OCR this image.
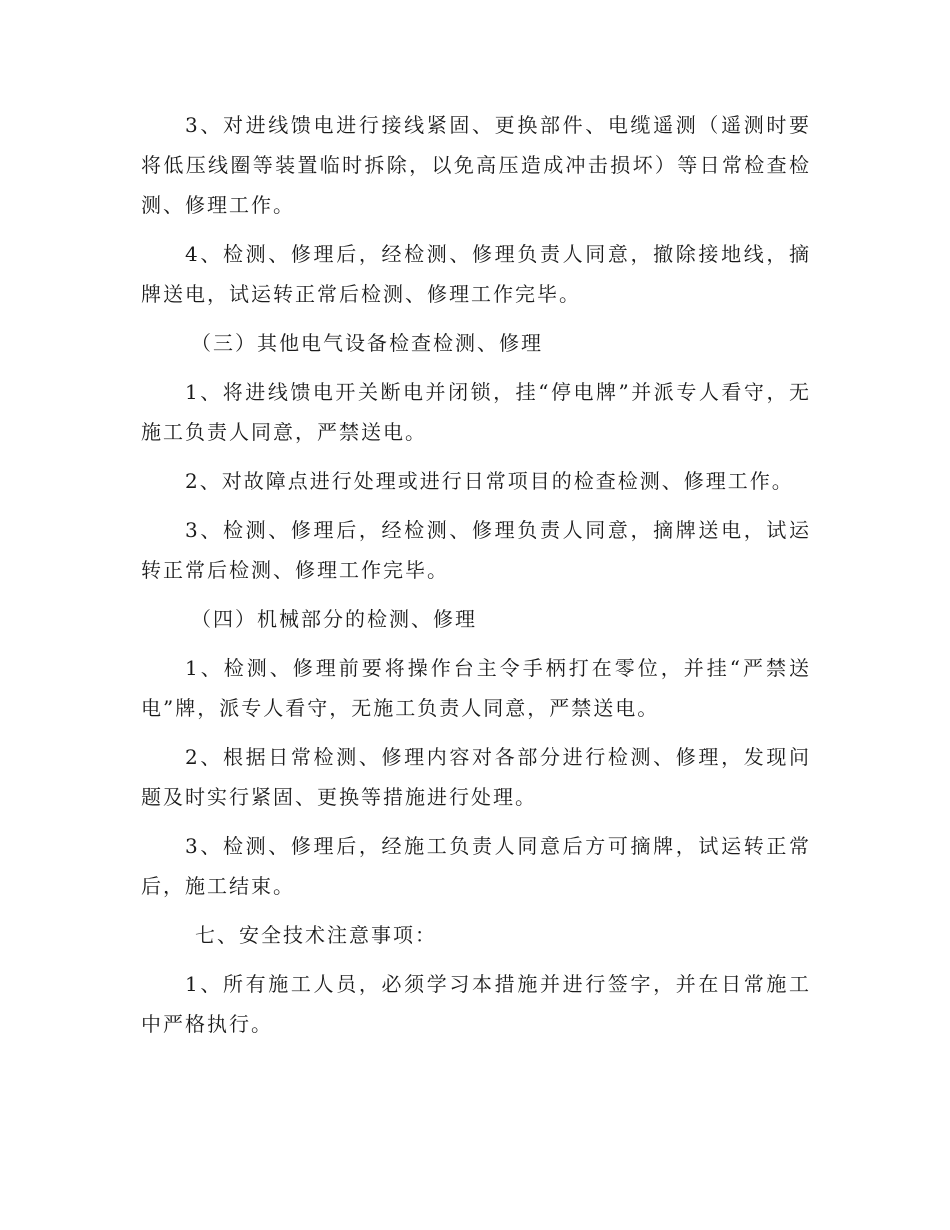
3、对进线馈电进行接线紧固、更换部件、电缆遥测（遥测时要将低压线圈等装置临时拆除，以免高压造成冲击损坏）等日常检查检测、修理工作。

4、检测、修理后，经检测、修理负责人同意，撤除接地线，摘牌送电，试运转正常后检测、修理工作完毕。

（三）其他电气设备检查检测、修理

1、将进线馈电开关断电并闭锁，挂“停电牌”并派专人看守，无施工负责人同意，严禁送电。

2、对故障点进行处理或进行日常项目的检查检测、修理工作。

3、检测、修理后，经检测、修理负责人同意，摘牌送电，试运转正常后检测、修理工作完毕。

（四）机械部分的检测、修理

1、检测、修理前要将操作台主令手柄打在零位，并挂“严禁送电”牌，派专人看守，无施工负责人同意，严禁送电。

2、根据日常检测、修理内容对各部分进行检测、修理，发现问题及时实行紧固、更换等措施进行处理。

3、检测、修理后，经施工负责人同意后方可摘牌，试运转正常后，施工结束。

七、安全技术注意事项：

1、所有施工人员，必须学习本措施并进行签字，并在日常施工中严格执行。
